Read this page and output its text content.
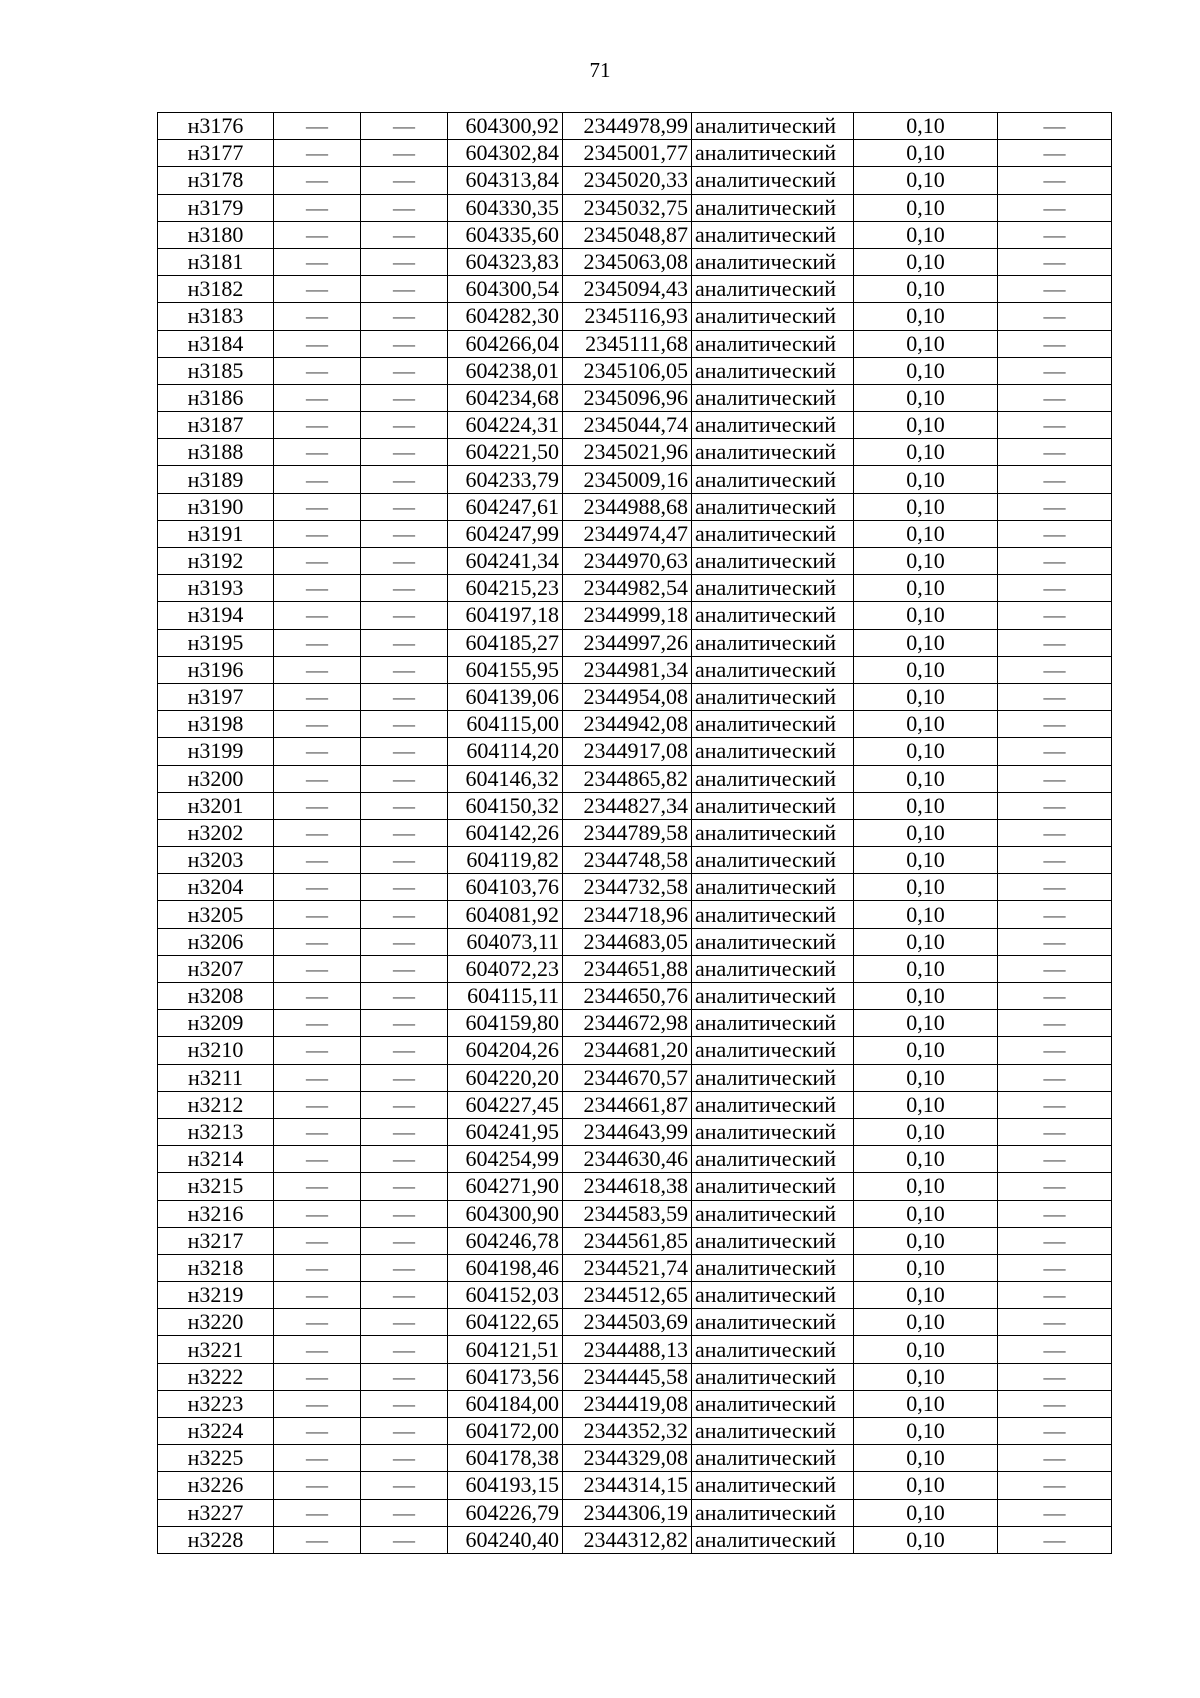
71
н3176	—	—	604300,92	2344978,99	аналитический	0,10	—
н3177	—	—	604302,84	2345001,77	аналитический	0,10	—
н3178	—	—	604313,84	2345020,33	аналитический	0,10	—
н3179	—	—	604330,35	2345032,75	аналитический	0,10	—
н3180	—	—	604335,60	2345048,87	аналитический	0,10	—
н3181	—	—	604323,83	2345063,08	аналитический	0,10	—
н3182	—	—	604300,54	2345094,43	аналитический	0,10	—
н3183	—	—	604282,30	2345116,93	аналитический	0,10	—
н3184	—	—	604266,04	2345111,68	аналитический	0,10	—
н3185	—	—	604238,01	2345106,05	аналитический	0,10	—
н3186	—	—	604234,68	2345096,96	аналитический	0,10	—
н3187	—	—	604224,31	2345044,74	аналитический	0,10	—
н3188	—	—	604221,50	2345021,96	аналитический	0,10	—
н3189	—	—	604233,79	2345009,16	аналитический	0,10	—
н3190	—	—	604247,61	2344988,68	аналитический	0,10	—
н3191	—	—	604247,99	2344974,47	аналитический	0,10	—
н3192	—	—	604241,34	2344970,63	аналитический	0,10	—
н3193	—	—	604215,23	2344982,54	аналитический	0,10	—
н3194	—	—	604197,18	2344999,18	аналитический	0,10	—
н3195	—	—	604185,27	2344997,26	аналитический	0,10	—
н3196	—	—	604155,95	2344981,34	аналитический	0,10	—
н3197	—	—	604139,06	2344954,08	аналитический	0,10	—
н3198	—	—	604115,00	2344942,08	аналитический	0,10	—
н3199	—	—	604114,20	2344917,08	аналитический	0,10	—
н3200	—	—	604146,32	2344865,82	аналитический	0,10	—
н3201	—	—	604150,32	2344827,34	аналитический	0,10	—
н3202	—	—	604142,26	2344789,58	аналитический	0,10	—
н3203	—	—	604119,82	2344748,58	аналитический	0,10	—
н3204	—	—	604103,76	2344732,58	аналитический	0,10	—
н3205	—	—	604081,92	2344718,96	аналитический	0,10	—
н3206	—	—	604073,11	2344683,05	аналитический	0,10	—
н3207	—	—	604072,23	2344651,88	аналитический	0,10	—
н3208	—	—	604115,11	2344650,76	аналитический	0,10	—
н3209	—	—	604159,80	2344672,98	аналитический	0,10	—
н3210	—	—	604204,26	2344681,20	аналитический	0,10	—
н3211	—	—	604220,20	2344670,57	аналитический	0,10	—
н3212	—	—	604227,45	2344661,87	аналитический	0,10	—
н3213	—	—	604241,95	2344643,99	аналитический	0,10	—
н3214	—	—	604254,99	2344630,46	аналитический	0,10	—
н3215	—	—	604271,90	2344618,38	аналитический	0,10	—
н3216	—	—	604300,90	2344583,59	аналитический	0,10	—
н3217	—	—	604246,78	2344561,85	аналитический	0,10	—
н3218	—	—	604198,46	2344521,74	аналитический	0,10	—
н3219	—	—	604152,03	2344512,65	аналитический	0,10	—
н3220	—	—	604122,65	2344503,69	аналитический	0,10	—
н3221	—	—	604121,51	2344488,13	аналитический	0,10	—
н3222	—	—	604173,56	2344445,58	аналитический	0,10	—
н3223	—	—	604184,00	2344419,08	аналитический	0,10	—
н3224	—	—	604172,00	2344352,32	аналитический	0,10	—
н3225	—	—	604178,38	2344329,08	аналитический	0,10	—
н3226	—	—	604193,15	2344314,15	аналитический	0,10	—
н3227	—	—	604226,79	2344306,19	аналитический	0,10	—
н3228	—	—	604240,40	2344312,82	аналитический	0,10	—
